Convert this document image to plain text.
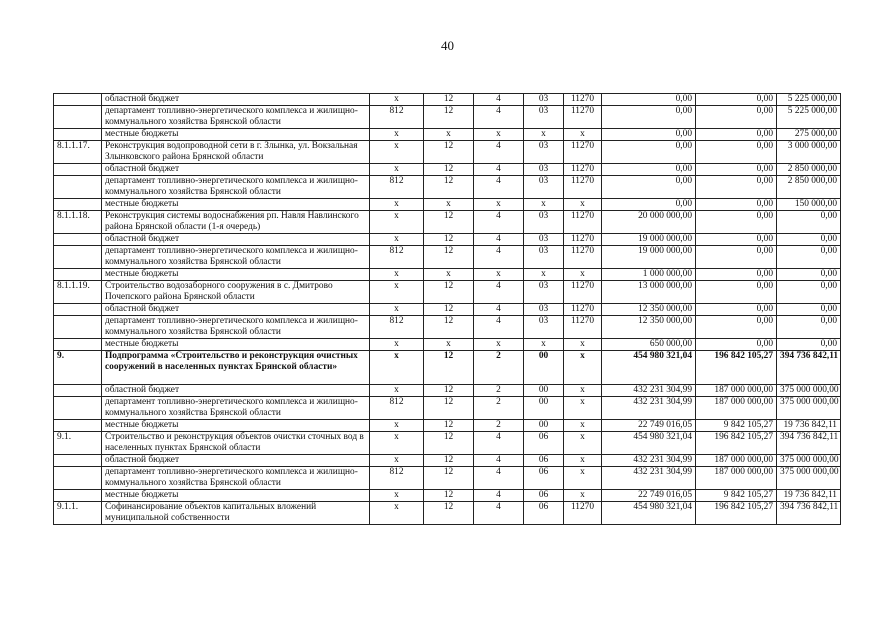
40
	областной бюджет	x	12	4	03	11270	0,00	0,00	5 225 000,00
	департамент топливно-энергетического комплекса и жилищно-коммунального хозяйства Брянской области	812	12	4	03	11270	0,00	0,00	5 225 000,00
	местные бюджеты	x	x	x	x	x	0,00	0,00	275 000,00
8.1.1.17.	Реконструкция водопроводной сети в г. Злынка, ул. Вокзальная Злынковского района Брянской области	x	12	4	03	11270	0,00	0,00	3 000 000,00
	областной бюджет	x	12	4	03	11270	0,00	0,00	2 850 000,00
	департамент топливно-энергетического комплекса и жилищно-коммунального хозяйства Брянской области	812	12	4	03	11270	0,00	0,00	2 850 000,00
	местные бюджеты	x	x	x	x	x	0,00	0,00	150 000,00
8.1.1.18.	Реконструкция системы водоснабжения рп. Навля Навлинского района Брянской области (1-я очередь)	x	12	4	03	11270	20 000 000,00	0,00	0,00
	областной бюджет	x	12	4	03	11270	19 000 000,00	0,00	0,00
	департамент топливно-энергетического комплекса и жилищно-коммунального хозяйства Брянской области	812	12	4	03	11270	19 000 000,00	0,00	0,00
	местные бюджеты	x	x	x	x	x	1 000 000,00	0,00	0,00
8.1.1.19.	Строительство водозаборного сооружения в с. Дмитрово Почепского района Брянской области	x	12	4	03	11270	13 000 000,00	0,00	0,00
	областной бюджет	x	12	4	03	11270	12 350 000,00	0,00	0,00
	департамент топливно-энергетического комплекса и жилищно-коммунального хозяйства Брянской области	812	12	4	03	11270	12 350 000,00	0,00	0,00
	местные бюджеты	x	x	x	x	x	650 000,00	0,00	0,00
9.	Подпрограмма «Строительство и реконструкция очистных сооружений в населенных пунктах Брянской области»	x	12	2	00	x	454 980 321,04	196 842 105,27	394 736 842,11
	областной бюджет	x	12	2	00	x	432 231 304,99	187 000 000,00	375 000 000,00
	департамент топливно-энергетического комплекса и жилищно-коммунального хозяйства Брянской области	812	12	2	00	x	432 231 304,99	187 000 000,00	375 000 000,00
	местные бюджеты	x	12	2	00	x	22 749 016,05	9 842 105,27	19 736 842,11
9.1.	Строительство и реконструкция объектов очистки сточных вод в населенных пунктах Брянской области	x	12	4	06	x	454 980 321,04	196 842 105,27	394 736 842,11
	областной бюджет	x	12	4	06	x	432 231 304,99	187 000 000,00	375 000 000,00
	департамент топливно-энергетического комплекса и жилищно-коммунального хозяйства Брянской области	812	12	4	06	x	432 231 304,99	187 000 000,00	375 000 000,00
	местные бюджеты	x	12	4	06	x	22 749 016,05	9 842 105,27	19 736 842,11
9.1.1.	Софинансирование объектов капитальных вложений муниципальной собственности	x	12	4	06	11270	454 980 321,04	196 842 105,27	394 736 842,11
